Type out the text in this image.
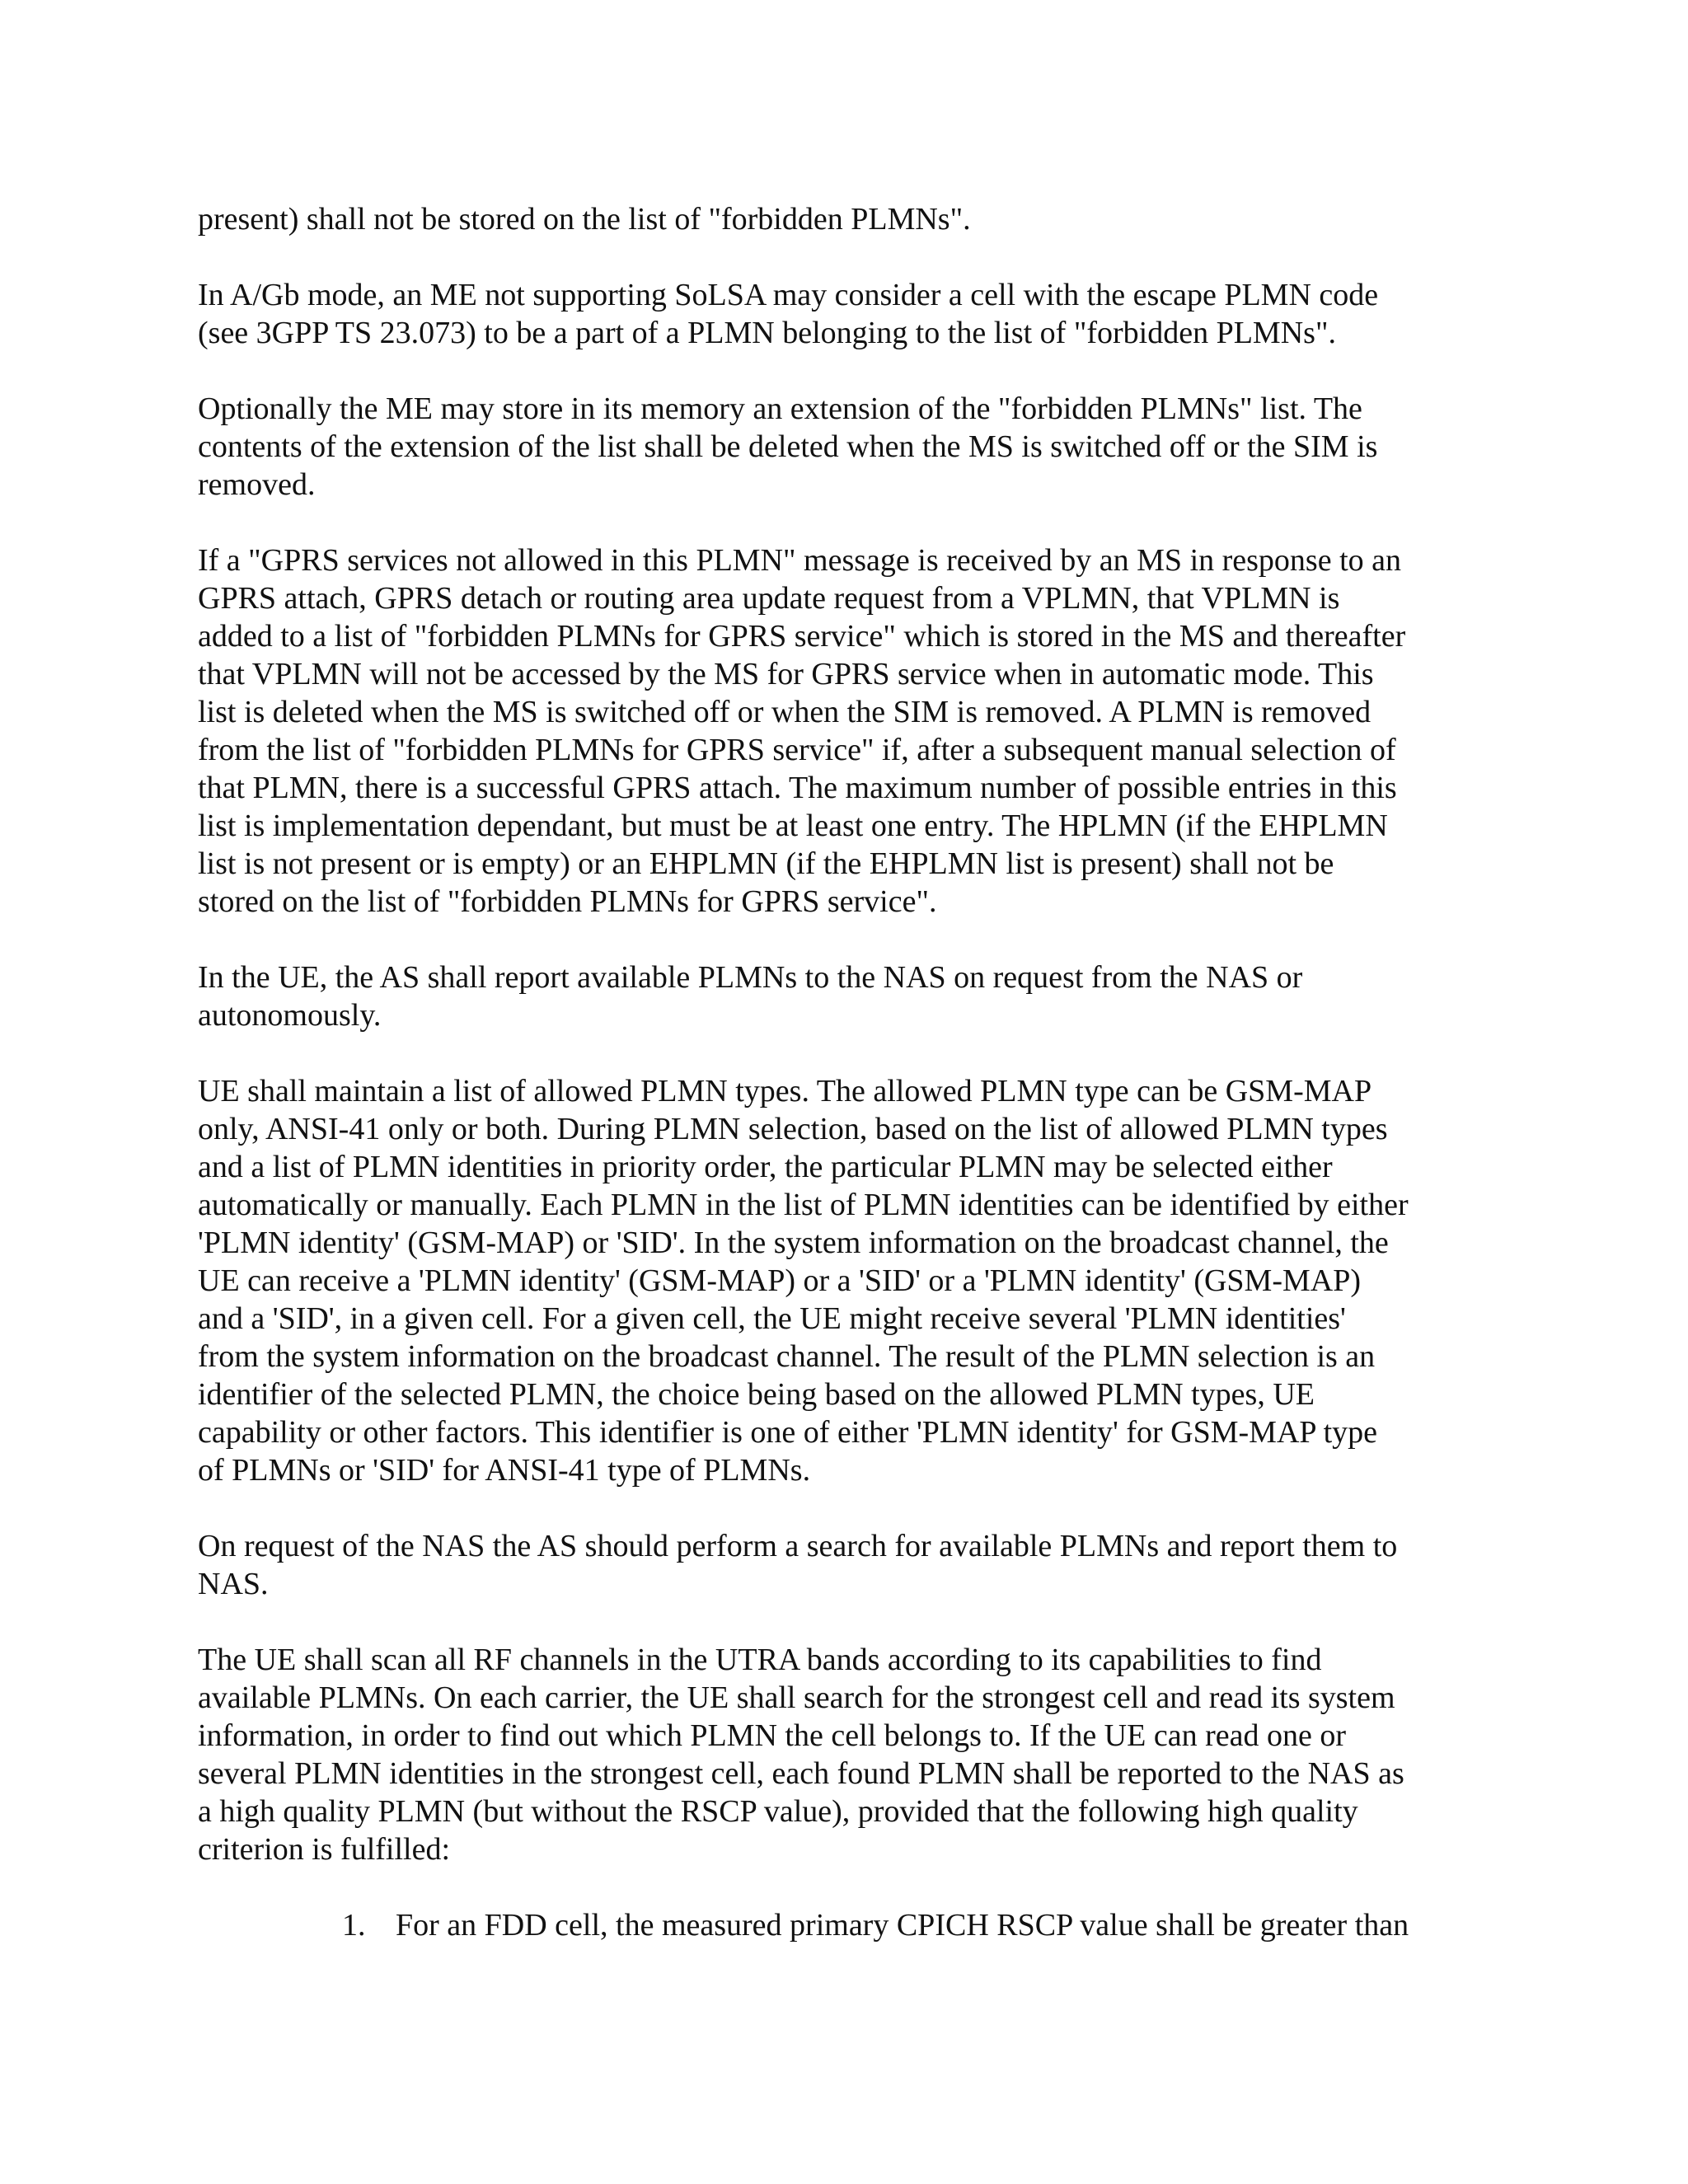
present) shall not be stored on the list of "forbidden PLMNs".
In A/Gb mode, an ME not supporting SoLSA may consider a cell with the escape PLMN code
(see 3GPP TS 23.073) to be a part of a PLMN belonging to the list of "forbidden PLMNs".
Optionally the ME may store in its memory an extension of the "forbidden PLMNs" list. The
contents of the extension of the list shall be deleted when the MS is switched off or the SIM is
removed.
If a "GPRS services not allowed in this PLMN" message is received by an MS in response to an
GPRS attach, GPRS detach or routing area update request from a VPLMN, that VPLMN is
added to a list of "forbidden PLMNs for GPRS service" which is stored in the MS and thereafter
that VPLMN will not be accessed by the MS for GPRS service when in automatic mode. This
list is deleted when the MS is switched off or when the SIM is removed. A PLMN is removed
from the list of "forbidden PLMNs for GPRS service" if, after a subsequent manual selection of
that PLMN, there is a successful GPRS attach. The maximum number of possible entries in this
list is implementation dependant, but must be at least one entry. The HPLMN (if the EHPLMN
list is not present or is empty) or an EHPLMN (if the EHPLMN list is present) shall not be
stored on the list of "forbidden PLMNs for GPRS service".
In the UE, the AS shall report available PLMNs to the NAS on request from the NAS or
autonomously.
UE shall maintain a list of allowed PLMN types. The allowed PLMN type can be GSM-MAP
only, ANSI-41 only or both. During PLMN selection, based on the list of allowed PLMN types
and a list of PLMN identities in priority order, the particular PLMN may be selected either
automatically or manually. Each PLMN in the list of PLMN identities can be identified by either
'PLMN identity' (GSM-MAP) or 'SID'. In the system information on the broadcast channel, the
UE can receive a 'PLMN identity' (GSM-MAP) or a 'SID' or a 'PLMN identity' (GSM-MAP)
and a 'SID', in a given cell. For a given cell, the UE might receive several 'PLMN identities'
from the system information on the broadcast channel. The result of the PLMN selection is an
identifier of the selected PLMN, the choice being based on the allowed PLMN types, UE
capability or other factors. This identifier is one of either 'PLMN identity' for GSM-MAP type
of PLMNs or 'SID' for ANSI-41 type of PLMNs.
On request of the NAS the AS should perform a search for available PLMNs and report them to
NAS.
The UE shall scan all RF channels in the UTRA bands according to its capabilities to find
available PLMNs. On each carrier, the UE shall search for the strongest cell and read its system
information, in order to find out which PLMN the cell belongs to. If the UE can read one or
several PLMN identities in the strongest cell, each found PLMN shall be reported to the NAS as
a high quality PLMN (but without the RSCP value), provided that the following high quality
criterion is fulfilled:
1. For an FDD cell, the measured primary CPICH RSCP value shall be greater than
